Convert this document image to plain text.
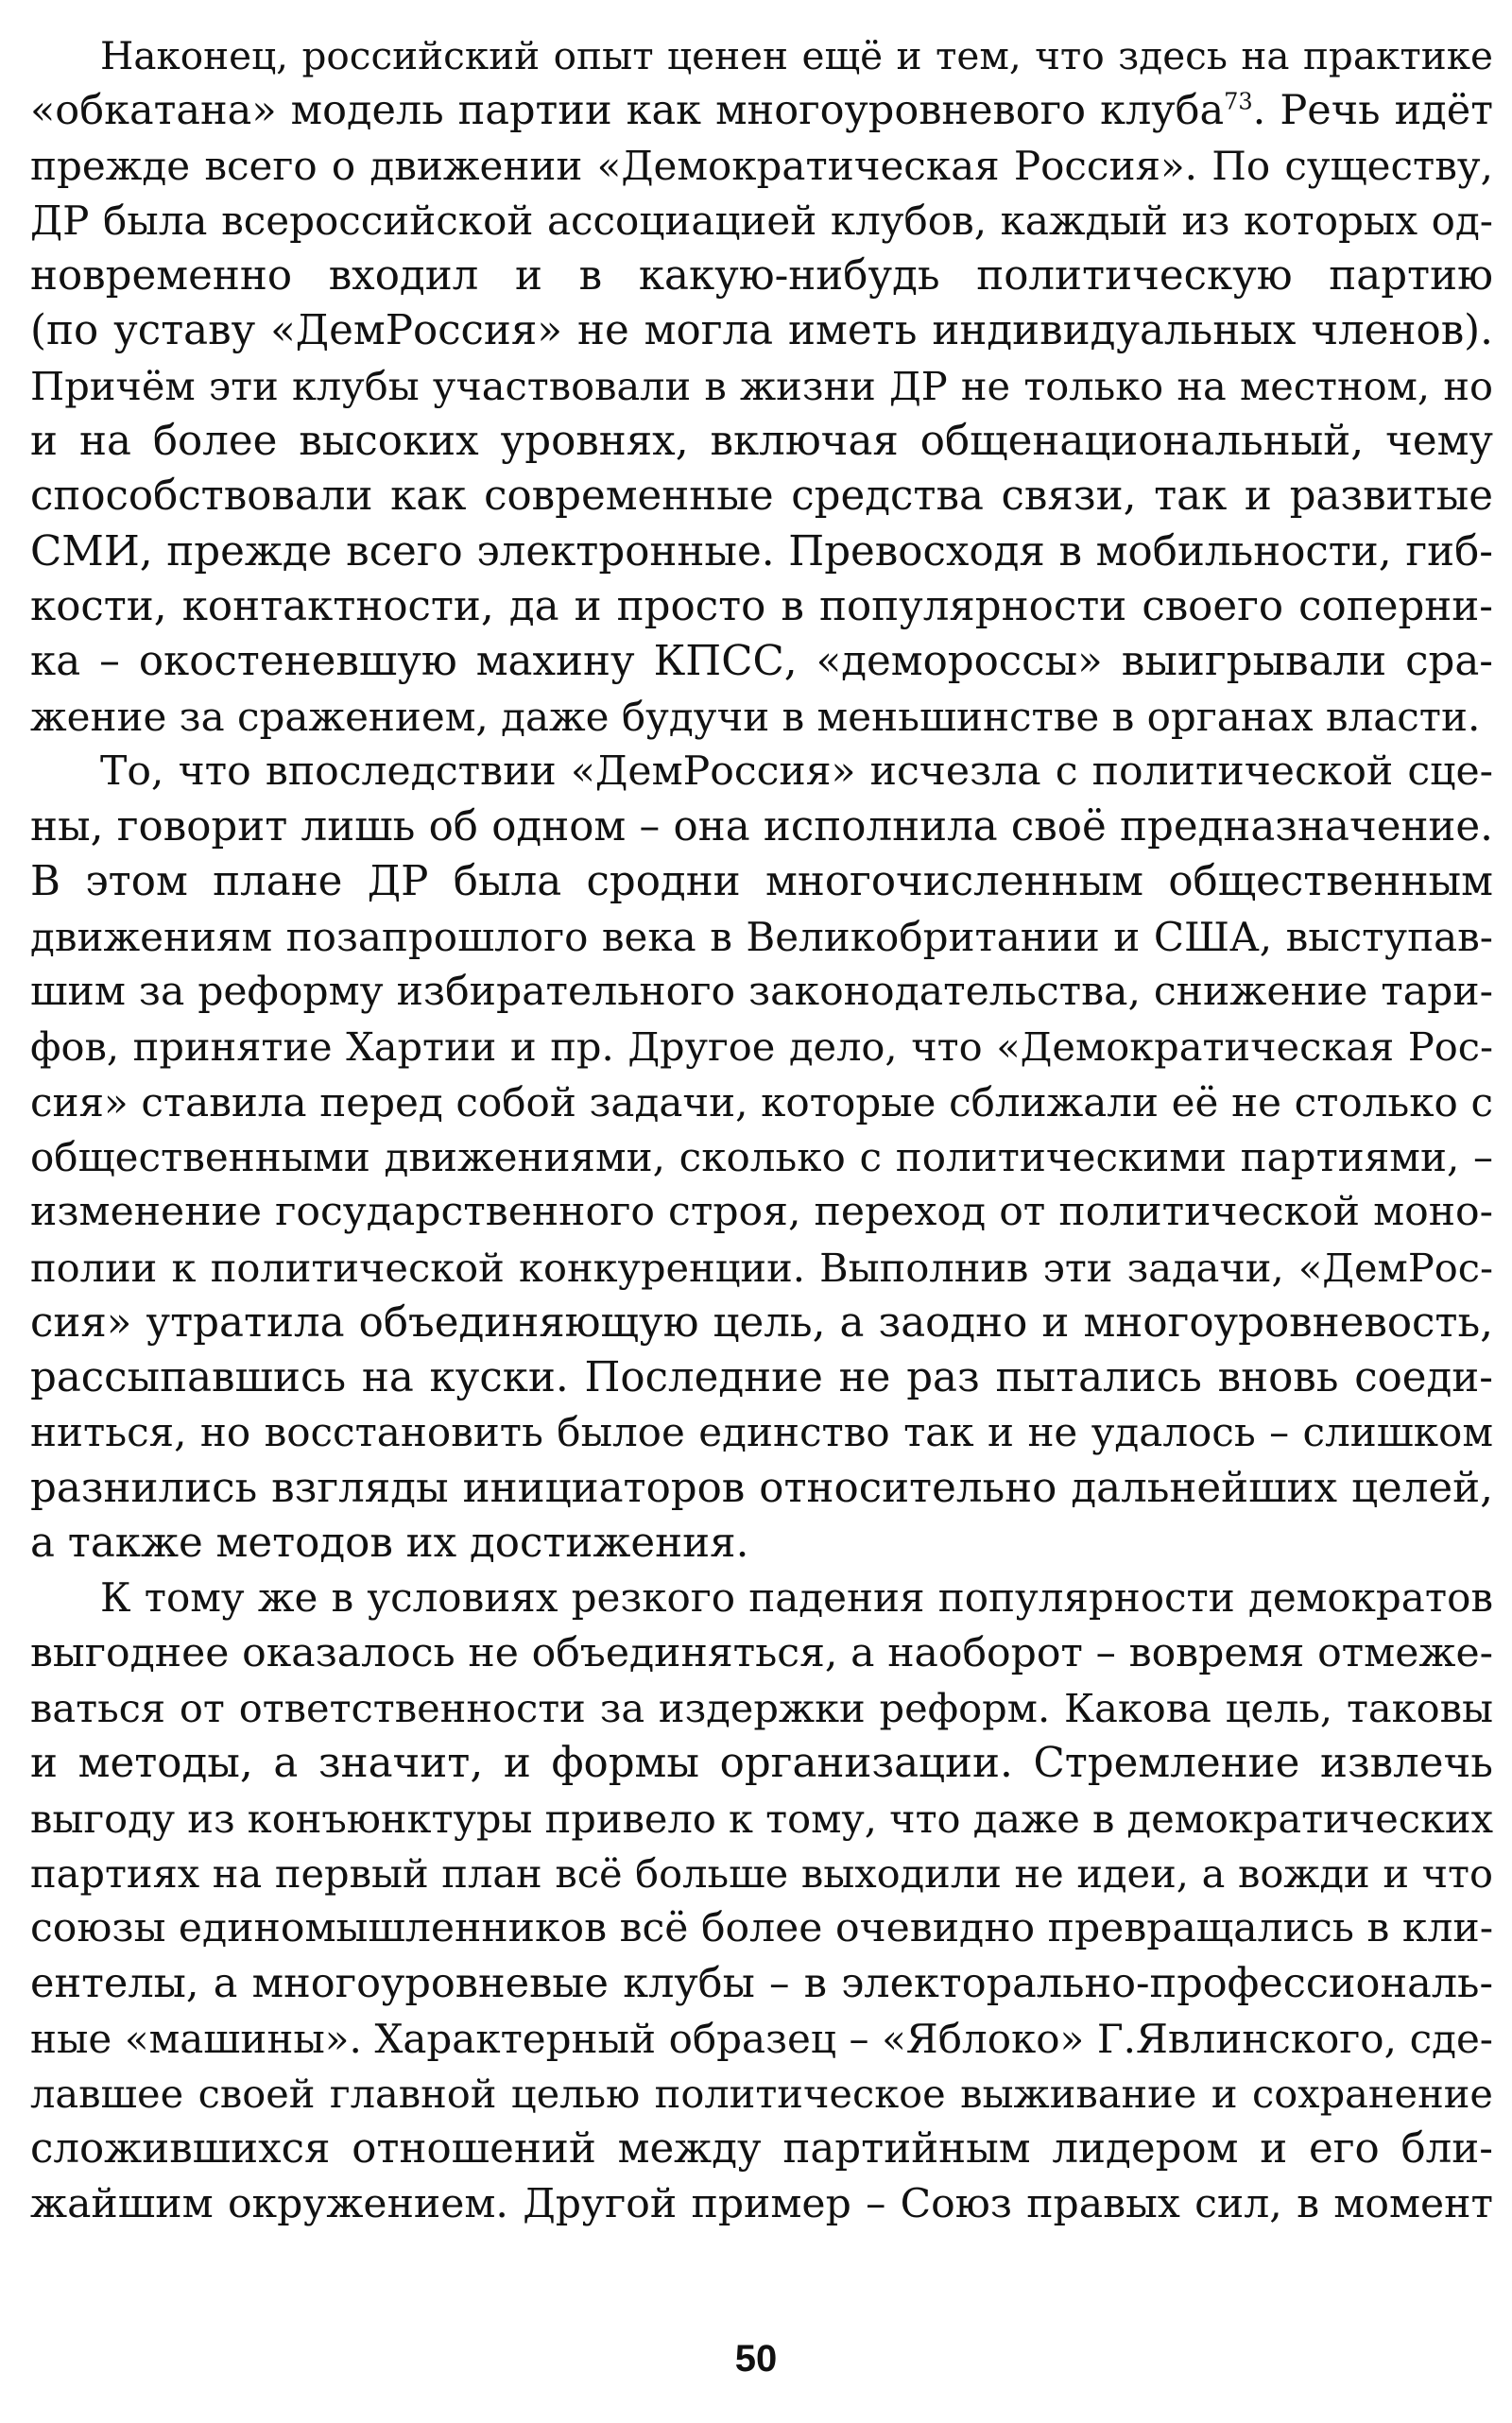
Наконец, российский опыт ценен ещё и тем, что здесь на практике
«обкатана» модель партии как многоуровневого клуба$^{73}$. Речь идёт
прежде всего о движении «Демократическая Россия». По существу,
ДР была всероссийской ассоциацией клубов, каждый из которых од-
новременно входил и в какую-нибудь политическую партию
(по уставу «ДемРоссия» не могла иметь индивидуальных членов).
Причём эти клубы участвовали в жизни ДР не только на местном, но
и на более высоких уровнях, включая общенациональный, чему
способствовали как современные средства связи, так и развитые
СМИ, прежде всего электронные. Превосходя в мобильности, гиб-
кости, контактности, да и просто в популярности своего соперни-
ка – окостеневшую махину КПСС, «демороссы» выигрывали сра-
жение за сражением, даже будучи в меньшинстве в органах власти.
То, что впоследствии «ДемРоссия» исчезла с политической сце-
ны, говорит лишь об одном – она исполнила своё предназначение.
В этом плане ДР была сродни многочисленным общественным
движениям позапрошлого века в Великобритании и США, выступав-
шим за реформу избирательного законодательства, снижение тари-
фов, принятие Хартии и пр. Другое дело, что «Демократическая Рос-
сия» ставила перед собой задачи, которые сближали её не столько с
общественными движениями, сколько с политическими партиями, –
изменение государственного строя, переход от политической моно-
полии к политической конкуренции. Выполнив эти задачи, «ДемРос-
сия» утратила объединяющую цель, а заодно и многоуровневость,
рассыпавшись на куски. Последние не раз пытались вновь соеди-
ниться, но восстановить былое единство так и не удалось – слишком
разнились взгляды инициаторов относительно дальнейших целей,
а также методов их достижения.
К тому же в условиях резкого падения популярности демократов
выгоднее оказалось не объединяться, а наоборот – вовремя отмеже-
ваться от ответственности за издержки реформ. Какова цель, таковы
и методы, а значит, и формы организации. Стремление извлечь
выгоду из конъюнктуры привело к тому, что даже в демократических
партиях на первый план всё больше выходили не идеи, а вожди и что
союзы единомышленников всё более очевидно превращались в кли-
ентелы, а многоуровневые клубы – в электорально-профессиональ-
ные «машины». Характерный образец – «Яблоко» Г.Явлинского, сде-
лавшее своей главной целью политическое выживание и сохранение
сложившихся отношений между партийным лидером и его бли-
жайшим окружением. Другой пример – Союз правых сил, в момент
50
